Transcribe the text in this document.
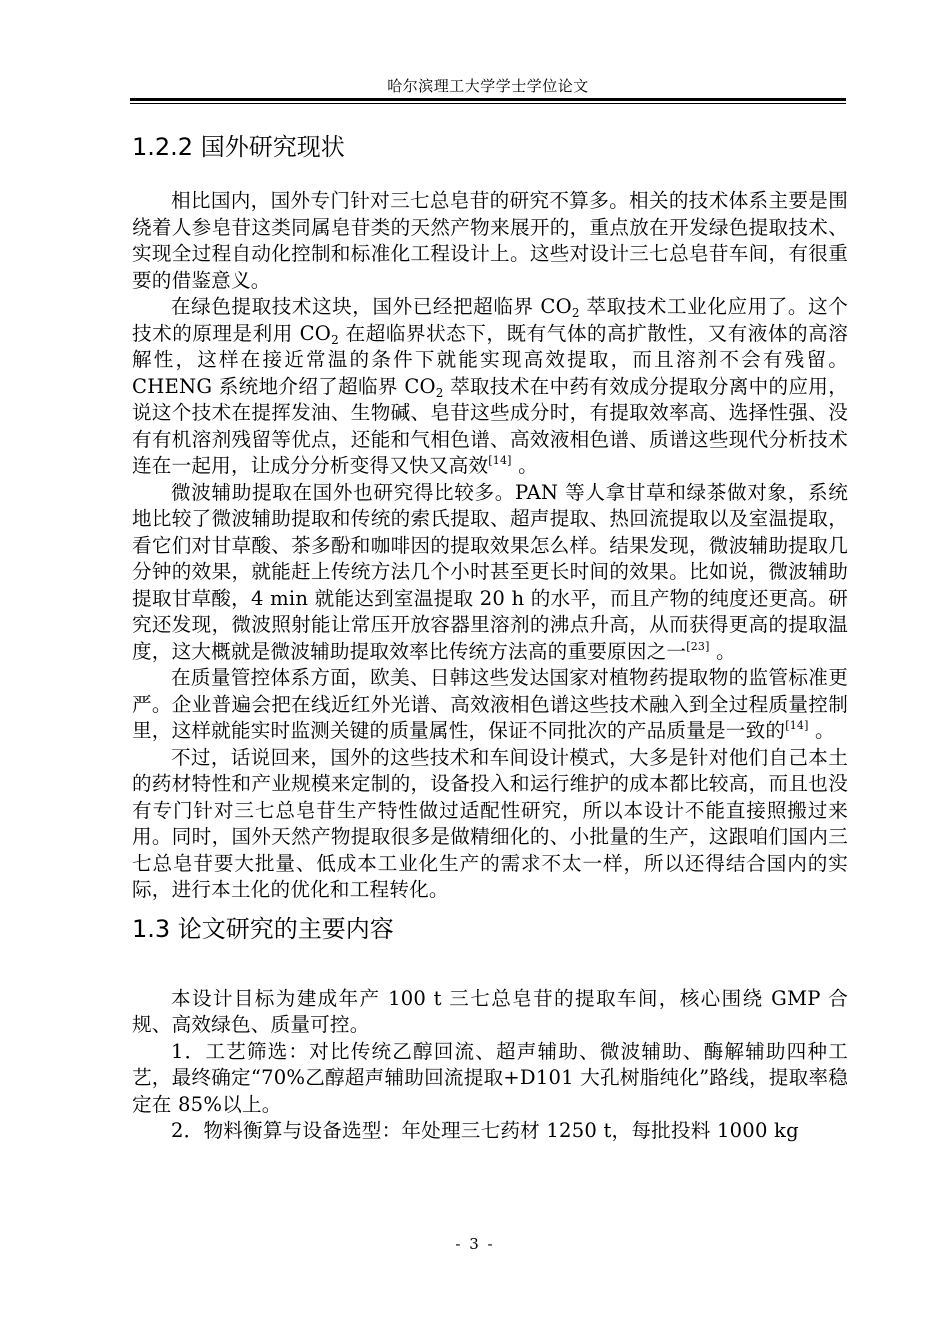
哈尔滨理工大学学士学位论文
1.2.2 国外研究现状

相比国内，国外专门针对三七总皂苷的研究不算多。相关的技术体系主要是围绕着人参皂苷这类同属皂苷类的天然产物来展开的，重点放在开发绿色提取技术、实现全过程自动化控制和标准化工程设计上。这些对设计三七总皂苷车间，有很重要的借鉴意义。

在绿色提取技术这块，国外已经把超临界 $CO_2$ 萃取技术工业化应用了。这个技术的原理是利用 $CO_2$ 在超临界状态下，既有气体的高扩散性，又有液体的高溶解性，这样在接近常温的条件下就能实现高效提取，而且溶剂不会有残留。CHENG 系统地介绍了超临界 $CO_2$ 萃取技术在中药有效成分提取分离中的应用，说这个技术在提挥发油、生物碱、皂苷这些成分时，有提取效率高、选择性强、没有有机溶剂残留等优点，还能和气相色谱、高效液相色谱、质谱这些现代分析技术连在一起用，让成分分析变得又快又高效[14] 。

微波辅助提取在国外也研究得比较多。PAN 等人拿甘草和绿茶做对象，系统地比较了微波辅助提取和传统的索氏提取、超声提取、热回流提取以及室温提取，看它们对甘草酸、茶多酚和咖啡因的提取效果怎么样。结果发现，微波辅助提取几分钟的效果，就能赶上传统方法几个小时甚至更长时间的效果。比如说，微波辅助提取甘草酸，4 min 就能达到室温提取 20 h 的水平，而且产物的纯度还更高。研究还发现，微波照射能让常压开放容器里溶剂的沸点升高，从而获得更高的提取温度，这大概就是微波辅助提取效率比传统方法高的重要原因之一[23] 。

在质量管控体系方面，欧美、日韩这些发达国家对植物药提取物的监管标准更严。企业普遍会把在线近红外光谱、高效液相色谱这些技术融入到全过程质量控制里，这样就能实时监测关键的质量属性，保证不同批次的产品质量是一致的[14] 。

不过，话说回来，国外的这些技术和车间设计模式，大多是针对他们自己本土的药材特性和产业规模来定制的，设备投入和运行维护的成本都比较高，而且也没有专门针对三七总皂苷生产特性做过适配性研究，所以本设计不能直接照搬过来用。同时，国外天然产物提取很多是做精细化的、小批量的生产，这跟咱们国内三七总皂苷要大批量、低成本工业化生产的需求不太一样，所以还得结合国内的实际，进行本土化的优化和工程转化。

1.3 论文研究的主要内容

本设计目标为建成年产 100 t 三七总皂苷的提取车间，核心围绕 GMP 合规、高效绿色、质量可控。

1．工艺筛选：对比传统乙醇回流、超声辅助、微波辅助、酶解辅助四种工艺，最终确定“70%乙醇超声辅助回流提取+D101 大孔树脂纯化”路线，提取率稳定在 85%以上。

2．物料衡算与设备选型：年处理三七药材 1250 t，每批投料 1000 kg

- 3 -
